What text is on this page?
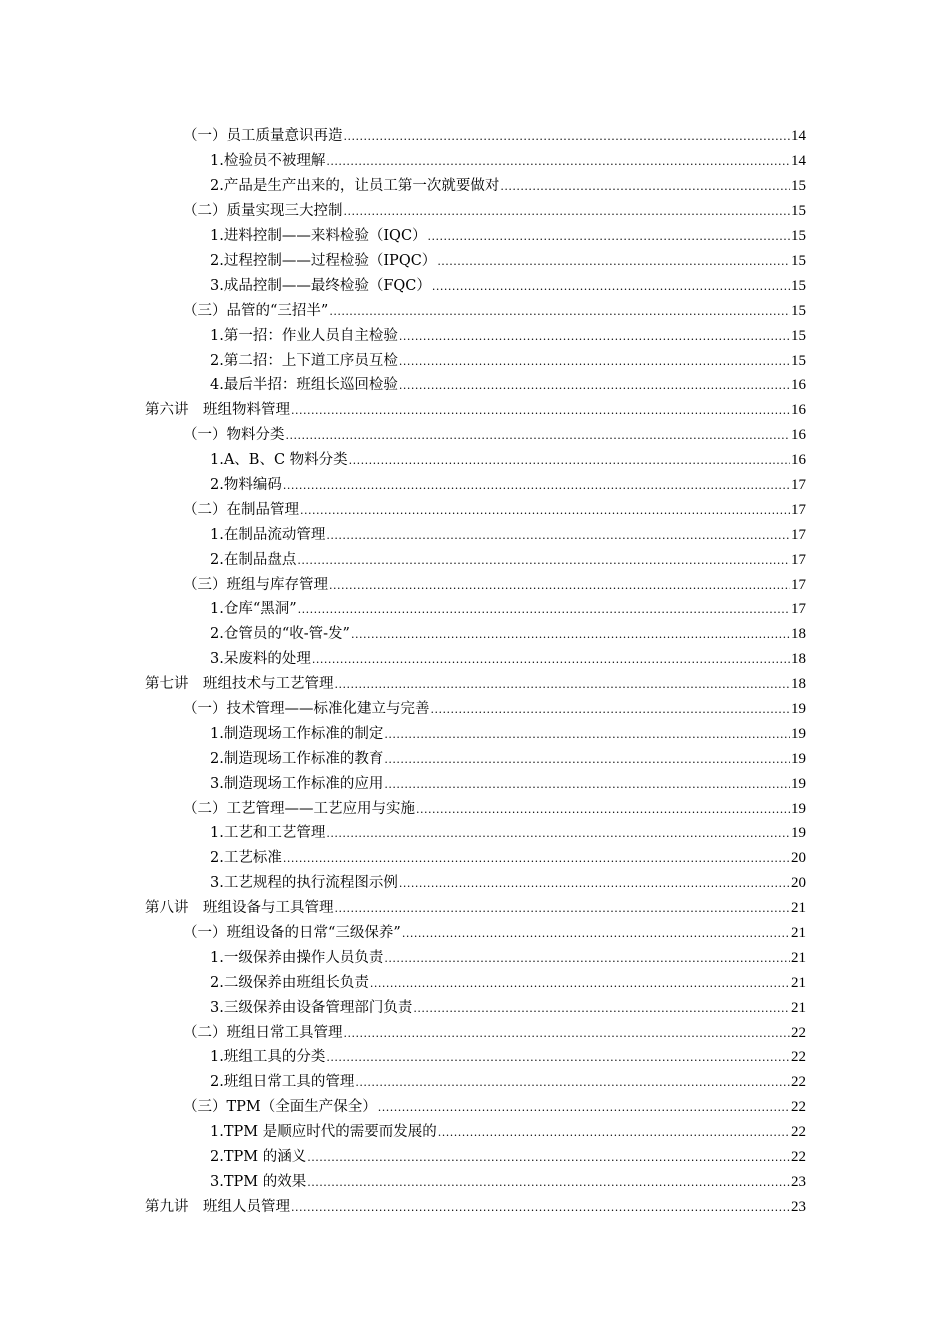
（一）员工质量意识再造 .....	14
1.检验员不被理解 .....	14
2.产品是生产出来的，让员工第一次就要做对 .....	15
（二）质量实现三大控制 .....	15
1.进料控制——来料检验（IQC） .....	15
2.过程控制——过程检验（IPQC） .....	15
3.成品控制——最终检验（FQC） .....	15
（三）品管的“三招半” .....	15
1.第一招：作业人员自主检验 .....	15
2.第二招：上下道工序员互检 .....	15
4.最后半招：班组长巡回检验 .....	16
第六讲　班组物料管理 .....	16
（一）物料分类 .....	16
1.A、B、C 物料分类 .....	16
2.物料编码 .....	17
（二）在制品管理 .....	17
1.在制品流动管理 .....	17
2.在制品盘点 .....	17
（三）班组与库存管理 .....	17
1.仓库“黑洞” .....	17
2.仓管员的“收-管-发” .....	18
3.呆废料的处理 .....	18
第七讲　班组技术与工艺管理 .....	18
（一）技术管理——标准化建立与完善 .....	19
1.制造现场工作标准的制定 .....	19
2.制造现场工作标准的教育 .....	19
3.制造现场工作标准的应用 .....	19
（二）工艺管理——工艺应用与实施 .....	19
1.工艺和工艺管理 .....	19
2.工艺标准 .....	20
3.工艺规程的执行流程图示例 .....	20
第八讲　班组设备与工具管理 .....	21
（一）班组设备的日常“三级保养” .....	21
1.一级保养由操作人员负责 .....	21
2.二级保养由班组长负责 .....	21
3.三级保养由设备管理部门负责 .....	21
（二）班组日常工具管理 .....	22
1.班组工具的分类 .....	22
2.班组日常工具的管理 .....	22
（三）TPM（全面生产保全） .....	22
1.TPM 是顺应时代的需要而发展的 .....	22
2.TPM 的涵义 .....	22
3.TPM 的效果 .....	23
第九讲　班组人员管理 .....	23
